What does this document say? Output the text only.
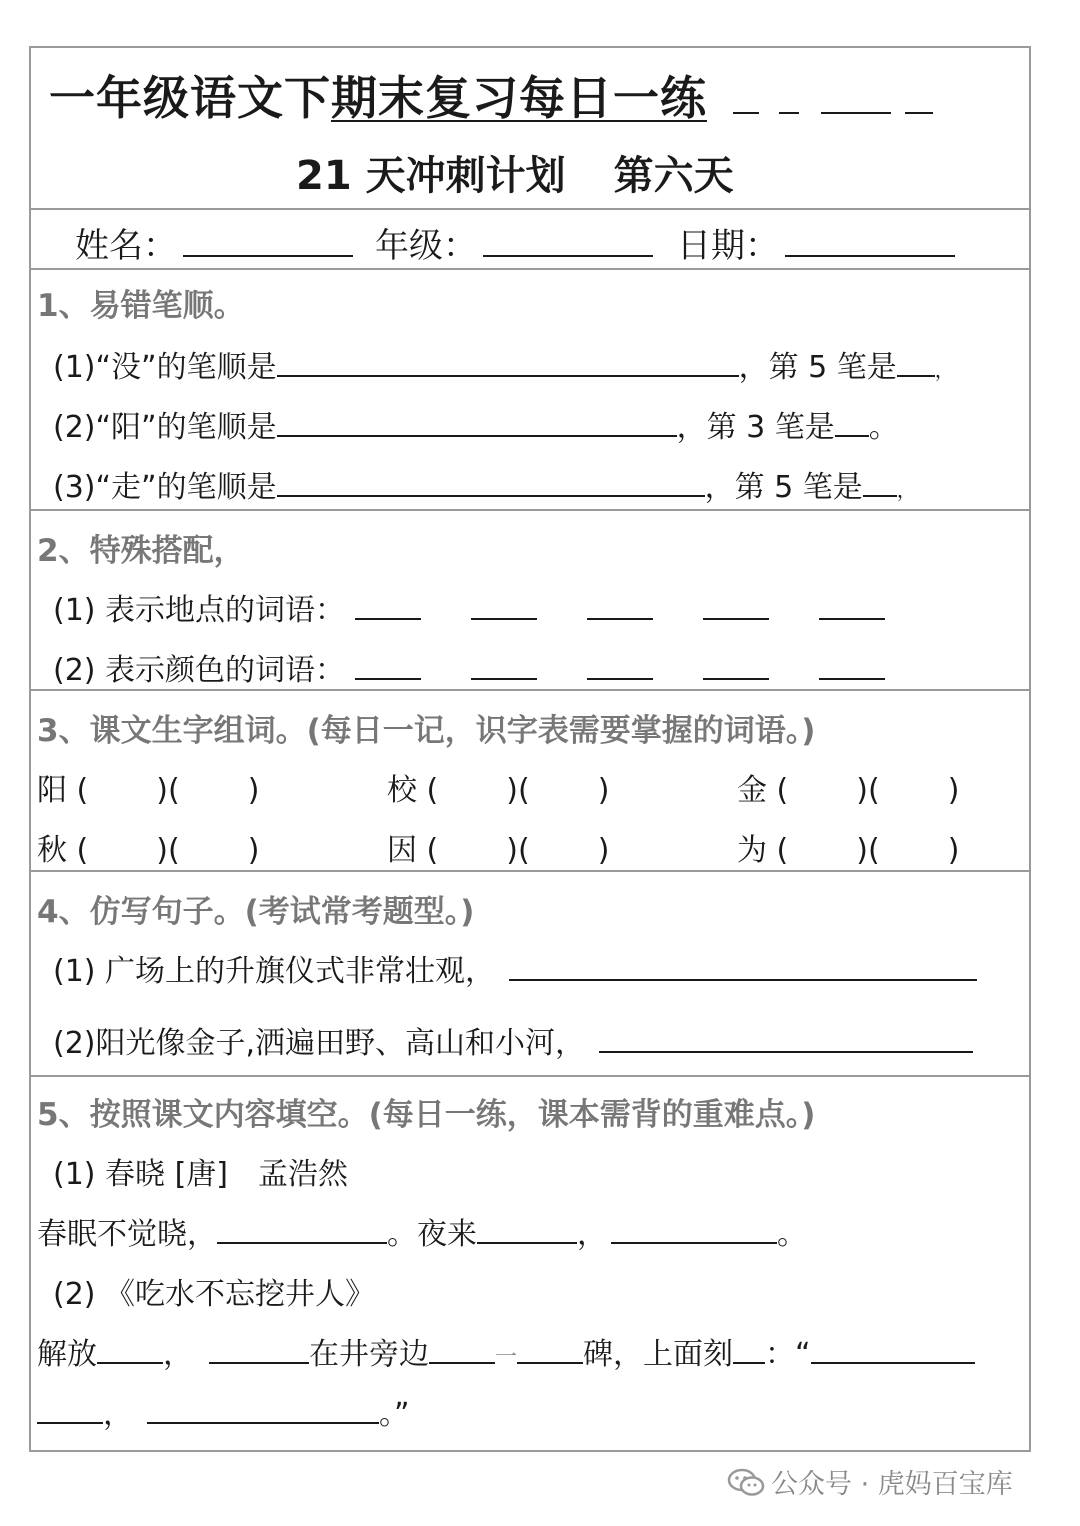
一年级语文下期末复习每日一练
21 天冲刺计划 第六天
姓名：	年级：	日期：
1、易错笔顺。
(1)“没”的笔顺是	，第 5 笔是 ，
(2)“阳”的笔顺是	，第 3 笔是 。
(3)“走”的笔顺是	，第 5 笔是 ，
2、特殊搭配，
(1) 表示地点的词语：
(2) 表示颜色的词语：
3、课文生字组词。(每日一记，识字表需要掌握的词语。)
阳 ( )( )	校 ( )( )	金 ( )( )
秋 ( )( )	因 ( )( )	为 ( )( )
4、仿写句子。(考试常考题型。)
(1) 广场上的升旗仪式非常壮观，
(2)阳光像金子,洒遍田野、高山和小河，
5、按照课文内容填空。(每日一练，课本需背的重难点。)
(1) 春晓 [唐] 孟浩然
春眠不觉晓，	。夜来	，	。
(2) 《吃水不忘挖井人》
解放 ，	在井旁边	一 碑，上面刻 ：“
，	。”
公众号 · 虎妈百宝库
